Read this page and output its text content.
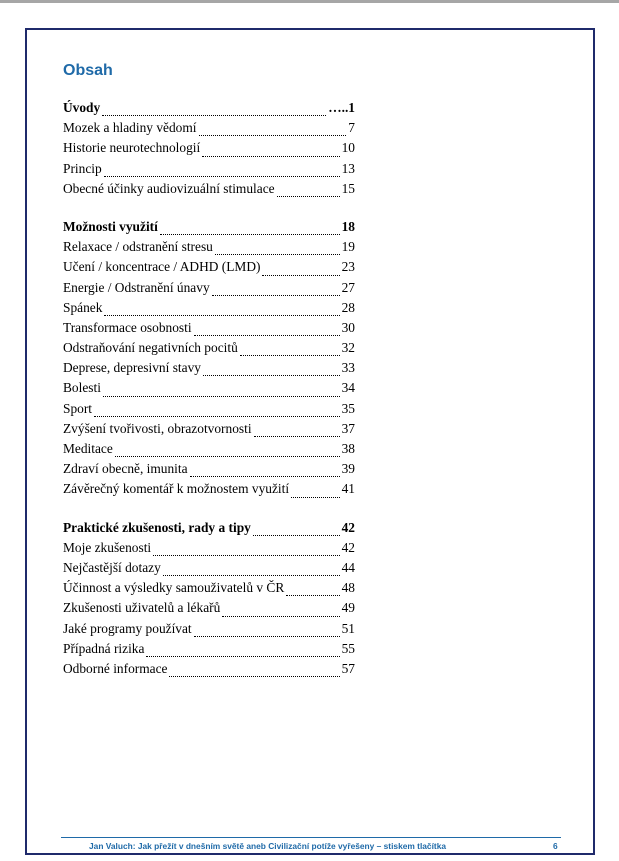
Obsah
Úvody	…..1
Mozek a hladiny vědomí	7
Historie neurotechnologií	10
Princip	13
Obecné účinky audiovizuální stimulace	15
Možnosti využití	18
Relaxace / odstranění stresu	19
Učení / koncentrace / ADHD (LMD)	23
Energie / Odstranění únavy	27
Spánek	28
Transformace osobnosti	30
Odstraňování negativních pocitů	32
Deprese, depresivní stavy	33
Bolesti	34
Sport	35
Zvýšení tvořivosti, obrazotvornosti	37
Meditace	38
Zdraví obecně, imunita	39
Závěrečný komentář k možnostem využití	41
Praktické zkušenosti, rady a tipy	42
Moje zkušenosti	42
Nejčastější dotazy	44
Účinnost a výsledky samouživatelů v ČR	48
Zkušenosti uživatelů a lékařů	49
Jaké programy používat	51
Případná rizika	55
Odborné informace	57
Jan Valuch: Jak přežít v dnešním světě aneb Civilizační potíže vyřešeny – stiskem tlačítka	6
